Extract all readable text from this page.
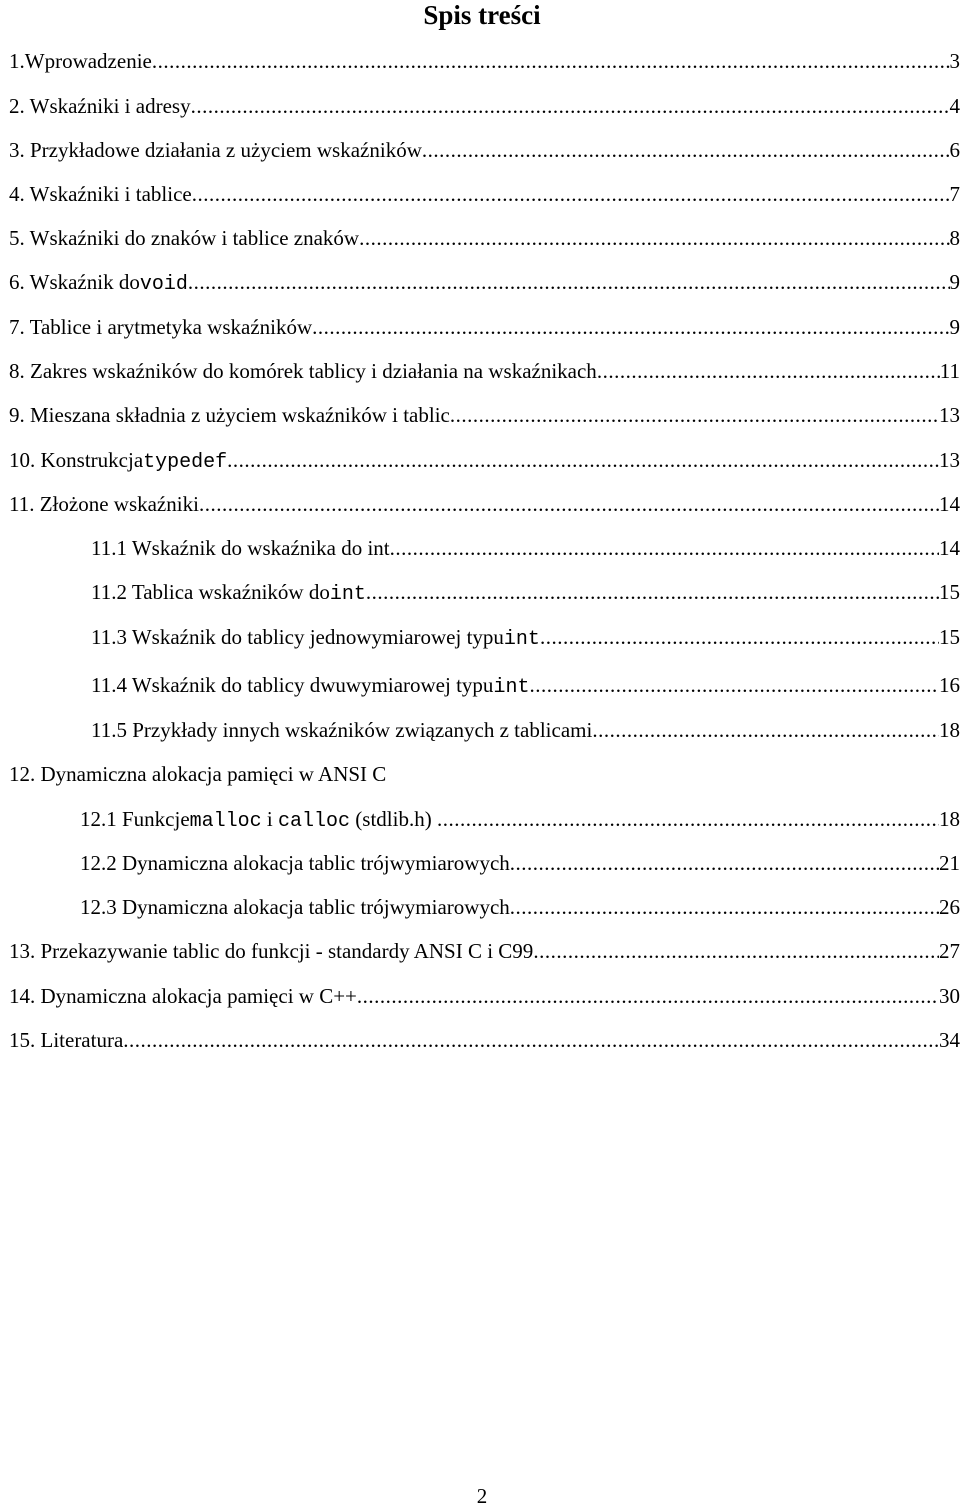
Spis treści
1.Wprowadzenie .....	3
2. Wskaźniki i adresy .....	4
3. Przykładowe działania z użyciem wskaźników .....	6
4. Wskaźniki i tablice .....	7
5. Wskaźniki do znaków i tablice znaków .....	8
6. Wskaźnik do void .....	9
7. Tablice i arytmetyka wskaźników .....	9
8. Zakres wskaźników do komórek tablicy i działania na wskaźnikach .....	11
9. Mieszana składnia z użyciem wskaźników i tablic .....	13
10. Konstrukcja typedef .....	13
11. Złożone wskaźniki .....	14
11.1 Wskaźnik do wskaźnika do int .....	14
11.2 Tablica wskaźników do int .....	15
11.3 Wskaźnik do tablicy jednowymiarowej typu int .....	15
11.4 Wskaźnik do tablicy dwuwymiarowej typu int .....	16
11.5 Przykłady innych wskaźników związanych z tablicami .....	18
12. Dynamiczna alokacja pamięci w ANSI C
12.1 Funkcje malloc i calloc (stdlib.h) .....	18
12.2 Dynamiczna alokacja tablic trójwymiarowych .....	21
12.3 Dynamiczna alokacja tablic trójwymiarowych .....	26
13. Przekazywanie tablic do funkcji - standardy ANSI C i C99 .....	27
14. Dynamiczna alokacja pamięci w C++ .....	30
15. Literatura .....	34
2
